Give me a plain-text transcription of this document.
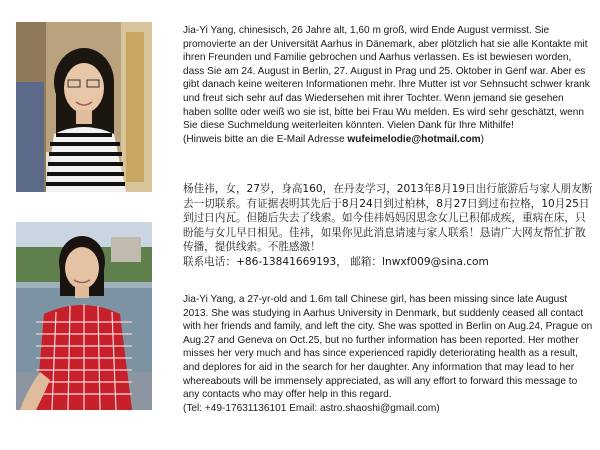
Jia-Yi Yang, chinesisch, 26 Jahre alt, 1,60 m groß, wird Ende August vermisst. Sie promovierte an der Universität Aarhus in Dänemark, aber plötzlich hat sie alle Kontakte mit ihren Freunden und Familie gebrochen und Aarhus verlassen. Es ist bewiesen worden, dass Sie am 24. August in Berlin, 27. August in Prag und 25. Oktober in Genf war. Aber es gibt danach keine weiteren Informationen mehr. Ihre Mutter ist vor Sehnsucht schwer krank und freut sich sehr auf das Wiedersehen mit ihrer Tochter. Wenn jemand sie gesehen haben sollte oder weiß wo sie ist, bitte bei Frau Wu melden. Es wird sehr geschätzt, wenn Sie diese Suchmeldung weiterleiten könnten. Vielen Dank für Ihre Mithilfe!

(Hinweis bitte an die E-Mail Adresse wufeimelodie@hotmail.com)

杨佳祎，女，27岁，身高160，在丹麦学习，2013年8月19日出行旅游后与家人朋友断去一切联系。有证据表明其先后于8月24日到过柏林，8月27日到过布拉格，10月25日到过日内瓦。但随后失去了线索。如今佳祎妈妈因思念女儿已积郁成疾，重病在床，只盼能与女儿早日相见。佳祎，如果你见此消息请速与家人联系！恳请广大网友帮忙扩散传播，提供线索。不胜感激！

联系电话：+86-13841669193， 邮箱：lnwxf009@sina.com

Jia-Yi Yang, a 27-yr-old and 1.6m tall Chinese girl, has been missing since late August 2013. She was studying in Aarhus University in Denmark, but suddenly ceased all contact with her friends and family, and left the city. She was spotted in Berlin on Aug.24, Prague on Aug.27 and Geneva on Oct.25, but no further information has been reported. Her mother misses her very much and has since experienced rapidly deteriorating health as a result, and deplores for aid in the search for her daughter. Any information that may lead to her whereabouts will be immensely appreciated, as will any effort to forward this message to any contacts who may offer help in this regard.

(Tel: +49-17631136101 Email: astro.shaoshi@gmail.com)
